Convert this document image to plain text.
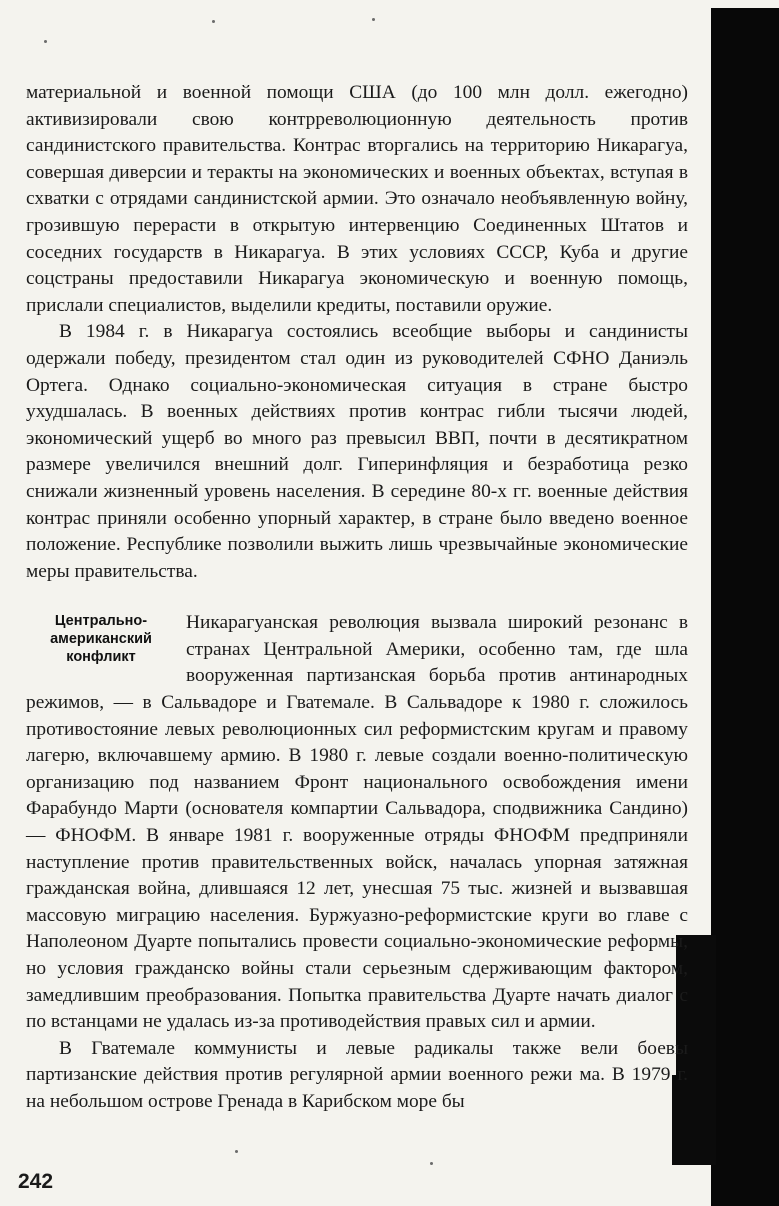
материальной и военной помощи США (до 100 млн долл. ежегодно) активизировали свою контрреволюционную деятельность против сандинистского правительства. Контрас вторгались на территорию Никарагуа, совершая диверсии и теракты на экономических и военных объектах, вступая в схватки с отрядами сандинистской армии. Это означало необъявленную войну, грозившую перерасти в открытую интервенцию Соединенных Штатов и соседних государств в Никарагуа. В этих условиях СССР, Куба и другие соцстраны предоставили Никарагуа экономическую и военную помощь, прислали специалистов, выделили кредиты, поставили оружие.

В 1984 г. в Никарагуа состоялись всеобщие выборы и сандинисты одержали победу, президентом стал один из руководителей СФНО Даниэль Ортега. Однако социально-экономическая ситуация в стране быстро ухудшалась. В военных действиях против контрас гибли тысячи людей, экономический ущерб во много раз превысил ВВП, почти в десятикратном размере увеличился внешний долг. Гиперинфляция и безработица резко снижали жизненный уровень населения. В середине 80-х гг. военные действия контрас приняли особенно упорный характер, в стране было введено военное положение. Республике позволили выжить лишь чрезвычайные экономические меры правительства.

Центрально-
американский
конфликт

Никарагуанская революция вызвала широкий резонанс в странах Центральной Америки, особенно там, где шла вооруженная партизанская борьба против антинародных режимов, — в Сальвадоре и Гватемале. В Сальвадоре к 1980 г. сложилось противостояние левых революционных сил реформистским кругам и правому лагерю, включавшему армию. В 1980 г. левые создали военно-политическую организацию под названием Фронт национального освобождения имени Фарабундо Марти (основателя компартии Сальвадора, сподвижника Сандино) — ФНОФМ. В январе 1981 г. вооруженные отряды ФНОФМ предприняли наступление против правительственных войск, началась упорная затяжная гражданская война, длившаяся 12 лет, унесшая 75 тыс. жизней и вызвавшая массовую миграцию населения. Буржуазно-реформистские круги во главе с Наполеоном Дуарте попытались провести социально-экономические реформы, но условия гражданско войны стали серьезным сдерживающим фактором, замедлившим преобразования. Попытка правительства Дуарте начать диалог с по встанцами не удалась из-за противодействия правых сил и армии.

В Гватемале коммунисты и левые радикалы также вели боевы партизанские действия против регулярной армии военного режи ма. В 1979 г. на небольшом острове Гренада в Карибском море бы

242
